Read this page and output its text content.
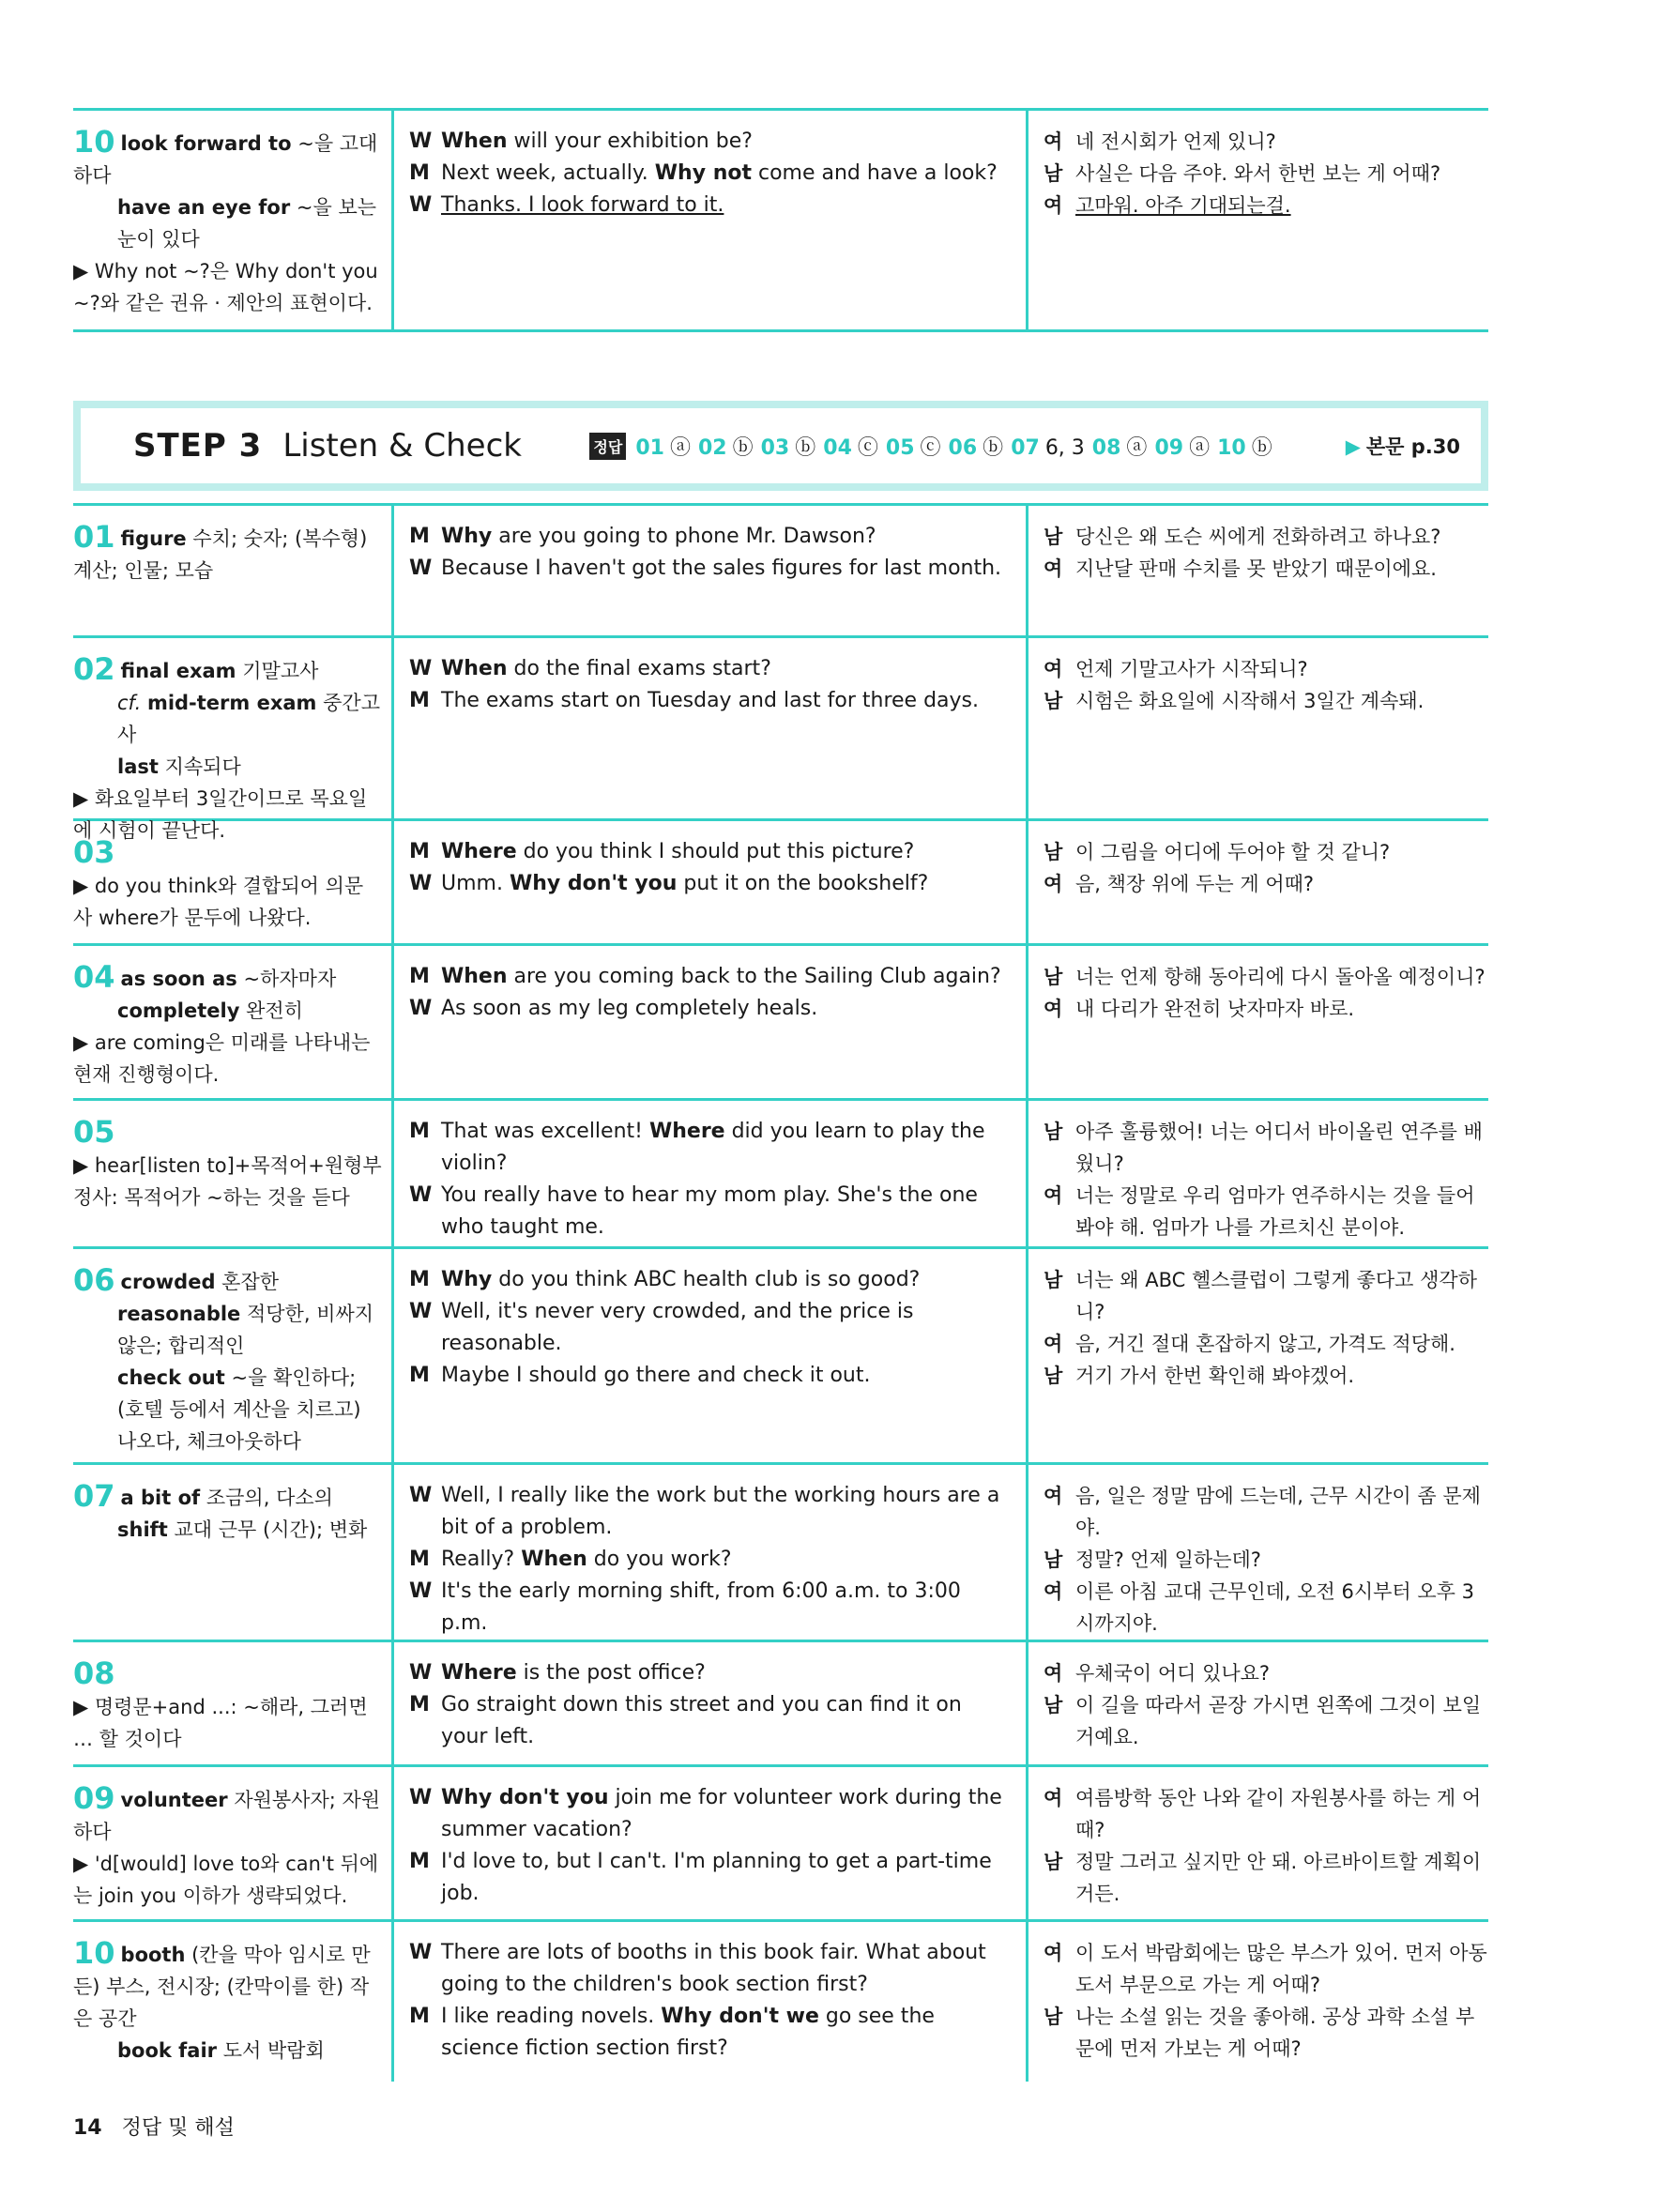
10 look forward to ~을 고대하다
have an eye for ~을 보는 눈이 있다
▶ Why not ~?은 Why don't you ~?와 같은 권유 · 제안의 표현이다.
W When will your exhibition be?
M Next week, actually. Why not come and have a look?
W Thanks. I look forward to it.
여 네 전시회가 언제 있니?
남 사실은 다음 주야. 와서 한번 보는 게 어때?
여 고마워. 아주 기대되는걸.
STEP 3 Listen & Check	정답 01 ⓐ 02 ⓑ 03 ⓑ 04 ⓒ 05 ⓒ 06 ⓑ 07 6, 3 08 ⓐ 09 ⓐ 10 ⓑ	▶ 본문 p.30
01 figure 수치; 숫자; (복수형) 계산; 인물; 모습
M Why are you going to phone Mr. Dawson?
W Because I haven't got the sales figures for last month.
남 당신은 왜 도슨 씨에게 전화하려고 하나요?
여 지난달 판매 수치를 못 받았기 때문이에요.
02 final exam 기말고사
cf. mid-term exam 중간고사
last 지속되다
▶ 화요일부터 3일간이므로 목요일에 시험이 끝난다.
W When do the final exams start?
M The exams start on Tuesday and last for three days.
여 언제 기말고사가 시작되니?
남 시험은 화요일에 시작해서 3일간 계속돼.
03
▶ do you think와 결합되어 의문사 where가 문두에 나왔다.
M Where do you think I should put this picture?
W Umm. Why don't you put it on the bookshelf?
남 이 그림을 어디에 두어야 할 것 같니?
여 음, 책장 위에 두는 게 어때?
04 as soon as ~하자마자
completely 완전히
▶ are coming은 미래를 나타내는 현재 진행형이다.
M When are you coming back to the Sailing Club again?
W As soon as my leg completely heals.
남 너는 언제 항해 동아리에 다시 돌아올 예정이니?
여 내 다리가 완전히 낫자마자 바로.
05
▶ hear[listen to]+목적어+원형부정사: 목적어가 ~하는 것을 듣다
M That was excellent! Where did you learn to play the violin?
W You really have to hear my mom play. She's the one who taught me.
남 아주 훌륭했어! 너는 어디서 바이올린 연주를 배웠니?
여 너는 정말로 우리 엄마가 연주하시는 것을 들어봐야 해. 엄마가 나를 가르치신 분이야.
06 crowded 혼잡한
reasonable 적당한, 비싸지 않은; 합리적인
check out ~을 확인하다; (호텔 등에서 계산을 치르고) 나오다, 체크아웃하다
M Why do you think ABC health club is so good?
W Well, it's never very crowded, and the price is reasonable.
M Maybe I should go there and check it out.
남 너는 왜 ABC 헬스클럽이 그렇게 좋다고 생각하니?
여 음, 거긴 절대 혼잡하지 않고, 가격도 적당해.
남 거기 가서 한번 확인해 봐야겠어.
07 a bit of 조금의, 다소의
shift 교대 근무 (시간); 변화
W Well, I really like the work but the working hours are a bit of a problem.
M Really? When do you work?
W It's the early morning shift, from 6:00 a.m. to 3:00 p.m.
여 음, 일은 정말 맘에 드는데, 근무 시간이 좀 문제야.
남 정말? 언제 일하는데?
여 이른 아침 교대 근무인데, 오전 6시부터 오후 3시까지야.
08
▶ 명령문+and ...: ~해라, 그러면 … 할 것이다
W Where is the post office?
M Go straight down this street and you can find it on your left.
여 우체국이 어디 있나요?
남 이 길을 따라서 곧장 가시면 왼쪽에 그것이 보일 거예요.
09 volunteer 자원봉사자; 자원하다
▶ 'd[would] love to와 can't 뒤에는 join you 이하가 생략되었다.
W Why don't you join me for volunteer work during the summer vacation?
M I'd love to, but I can't. I'm planning to get a part-time job.
여 여름방학 동안 나와 같이 자원봉사를 하는 게 어때?
남 정말 그러고 싶지만 안 돼. 아르바이트할 계획이거든.
10 booth (칸을 막아 임시로 만든) 부스, 전시장; (칸막이를 한) 작은 공간
book fair 도서 박람회
W There are lots of booths in this book fair. What about going to the children's book section first?
M I like reading novels. Why don't we go see the science fiction section first?
여 이 도서 박람회에는 많은 부스가 있어. 먼저 아동 도서 부문으로 가는 게 어때?
남 나는 소설 읽는 것을 좋아해. 공상 과학 소설 부문에 먼저 가보는 게 어때?
14 정답 및 해설
